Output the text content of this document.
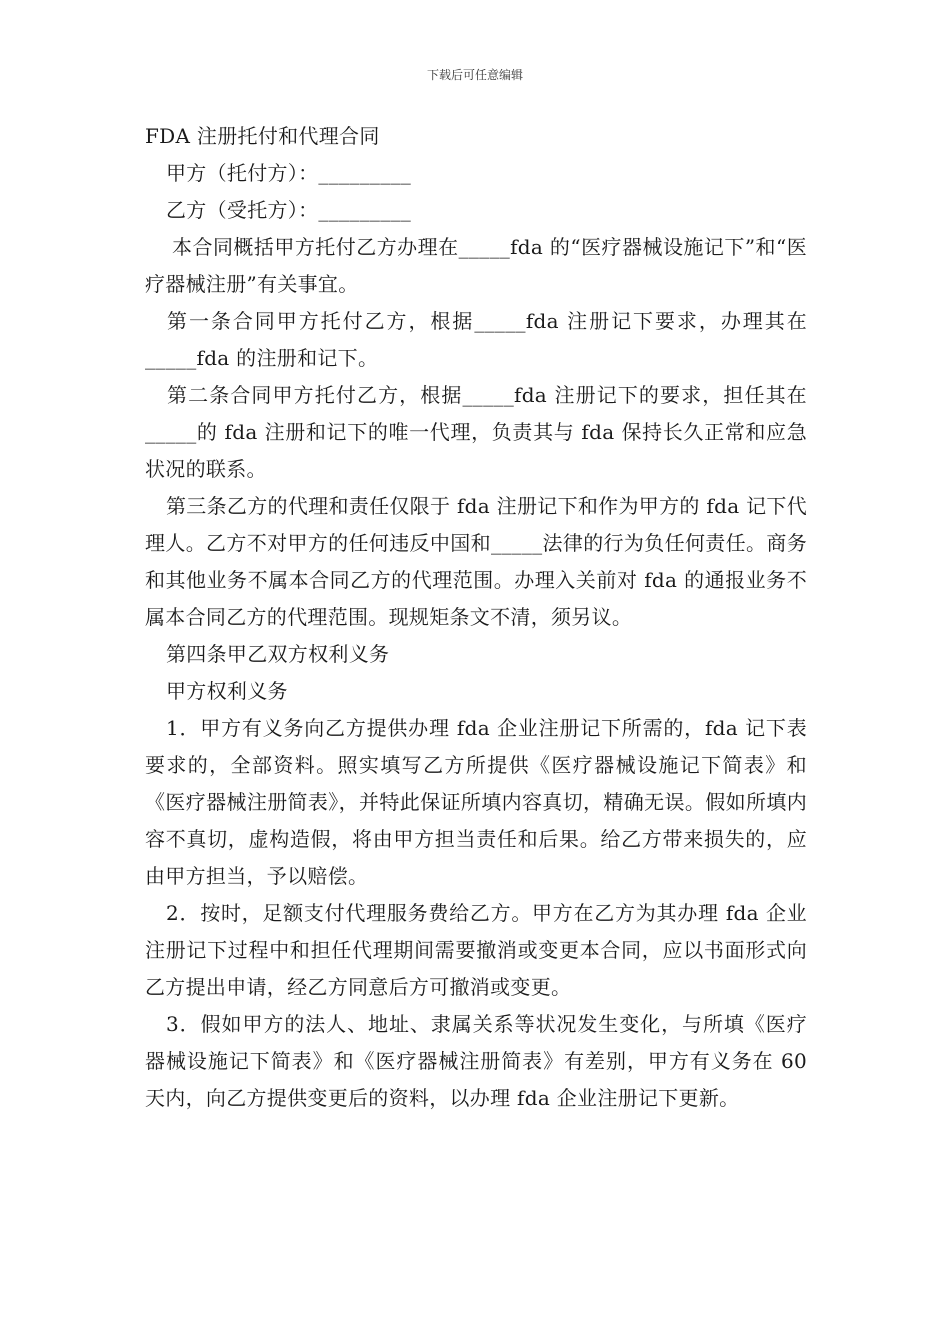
下载后可任意编辑

FDA 注册托付和代理合同

甲方（托付方）：_________

乙方（受托方）：_________

本合同概括甲方托付乙方办理在_____fda 的“医疗器械设施记下”和“医疗器械注册”有关事宜。

第一条合同甲方托付乙方，根据_____fda 注册记下要求，办理其在_____fda 的注册和记下。

第二条合同甲方托付乙方，根据_____fda 注册记下的要求，担任其在_____的 fda 注册和记下的唯一代理，负责其与 fda 保持长久正常和应急状况的联系。

第三条乙方的代理和责任仅限于 fda 注册记下和作为甲方的 fda 记下代理人。乙方不对甲方的任何违反中国和_____法律的行为负任何责任。商务和其他业务不属本合同乙方的代理范围。办理入关前对 fda 的通报业务不属本合同乙方的代理范围。现规矩条文不清，须另议。

第四条甲乙双方权利义务

甲方权利义务

1．甲方有义务向乙方提供办理 fda 企业注册记下所需的，fda 记下表要求的，全部资料。照实填写乙方所提供《医疗器械设施记下简表》和《医疗器械注册简表》，并特此保证所填内容真切，精确无误。假如所填内容不真切，虚构造假，将由甲方担当责任和后果。给乙方带来损失的，应由甲方担当，予以赔偿。

2．按时，足额支付代理服务费给乙方。甲方在乙方为其办理 fda 企业注册记下过程中和担任代理期间需要撤消或变更本合同，应以书面形式向乙方提出申请，经乙方同意后方可撤消或变更。

3．假如甲方的法人、地址、隶属关系等状况发生变化，与所填《医疗器械设施记下简表》和《医疗器械注册简表》有差别，甲方有义务在 60 天内，向乙方提供变更后的资料，以办理 fda 企业注册记下更新。
